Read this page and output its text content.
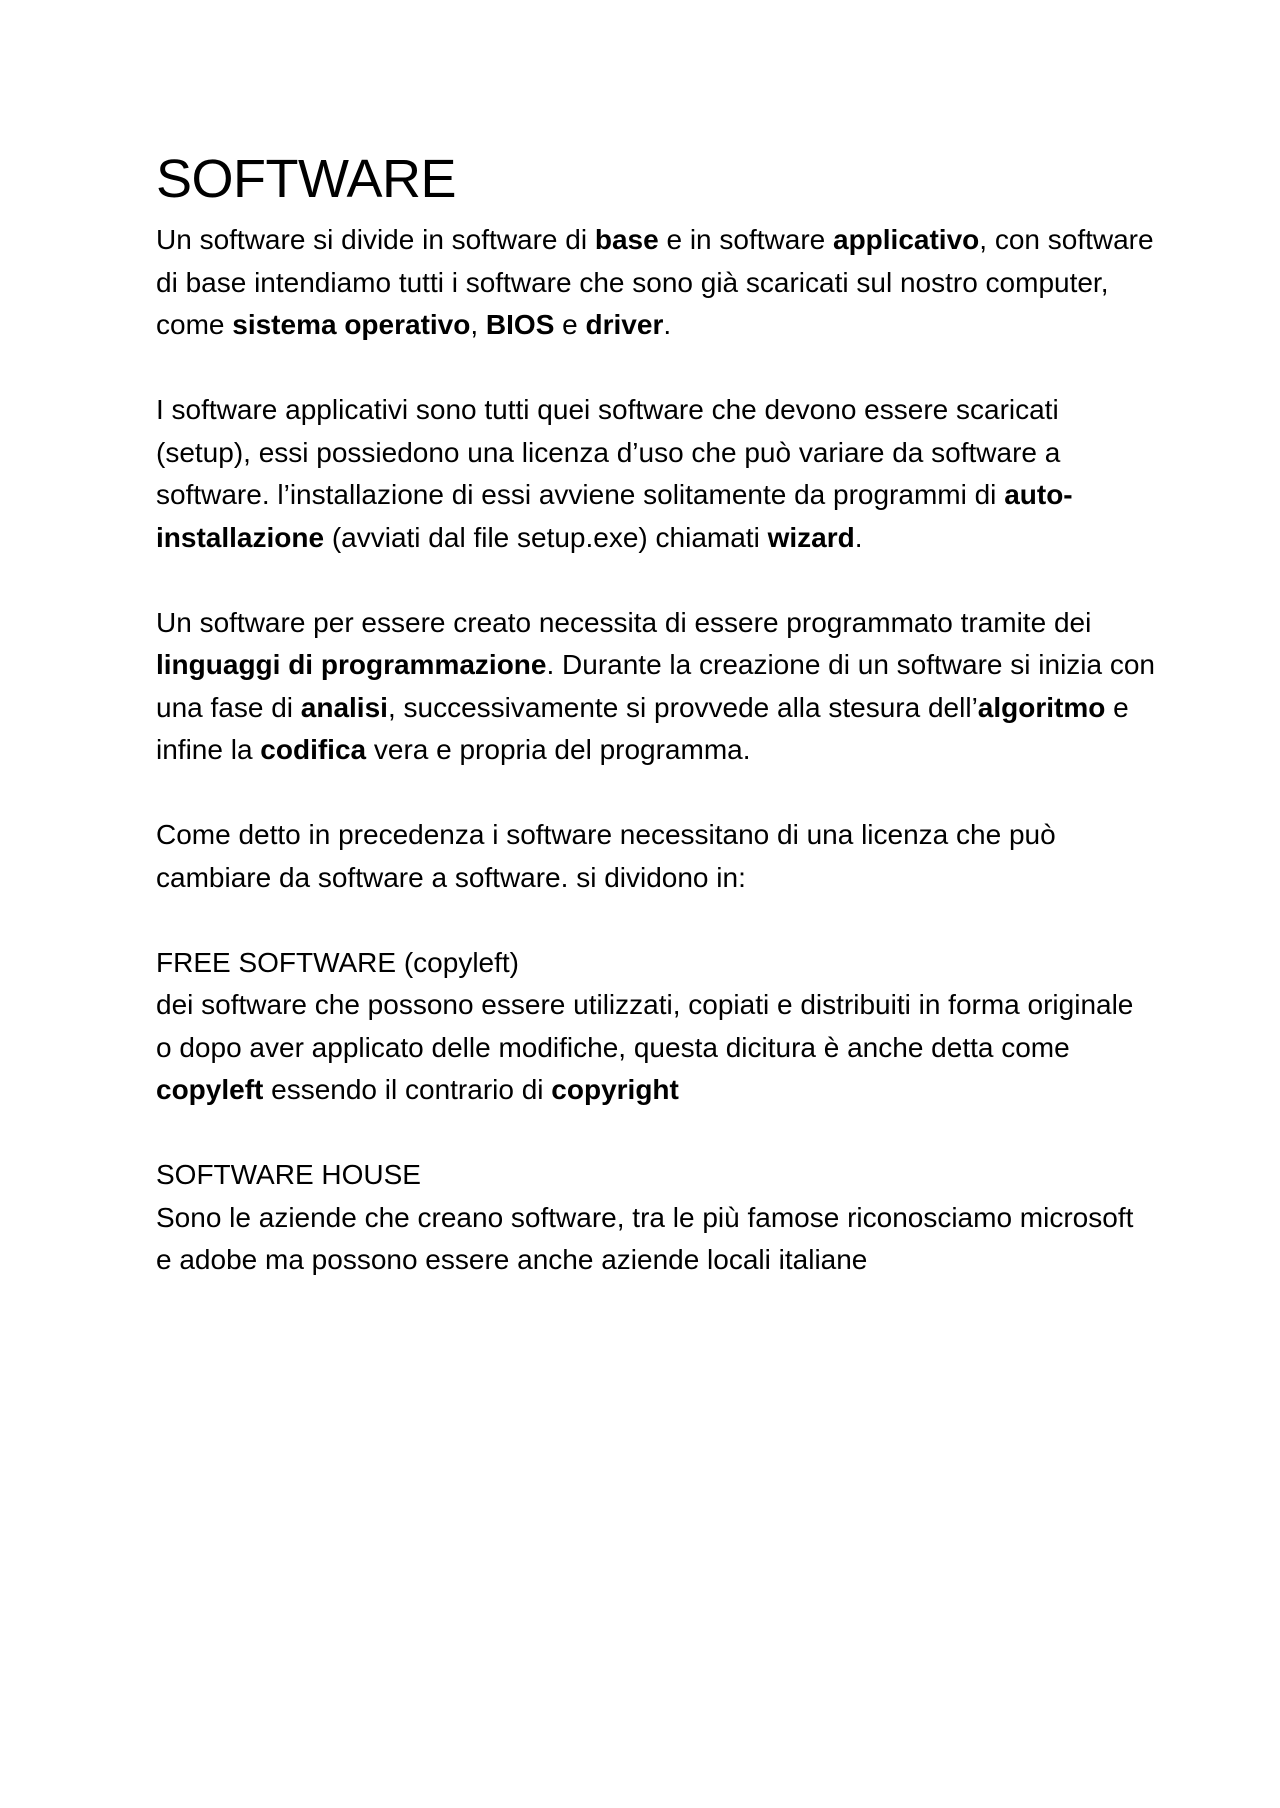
SOFTWARE

Un software si divide in software di base e in software applicativo, con software di base intendiamo tutti i software che sono già scaricati sul nostro computer, come sistema operativo, BIOS e driver.

I software applicativi sono tutti quei software che devono essere scaricati (setup), essi possiedono una licenza d’uso che può variare da software a software. l’installazione di essi avviene solitamente da programmi di auto-installazione (avviati dal file setup.exe) chiamati wizard.

Un software per essere creato necessita di essere programmato tramite dei linguaggi di programmazione. Durante la creazione di un software si inizia con una fase di analisi, successivamente si provvede alla stesura dell’algoritmo e infine la codifica vera e propria del programma.

Come detto in precedenza i software necessitano di una licenza che può cambiare da software a software. si dividono in:

FREE SOFTWARE (copyleft)

dei software che possono essere utilizzati, copiati e distribuiti in forma originale o dopo aver applicato delle modifiche, questa dicitura è anche detta come copyleft essendo il contrario di copyright

SOFTWARE HOUSE

Sono le aziende che creano software, tra le più famose riconosciamo microsoft e adobe ma possono essere anche aziende locali italiane
